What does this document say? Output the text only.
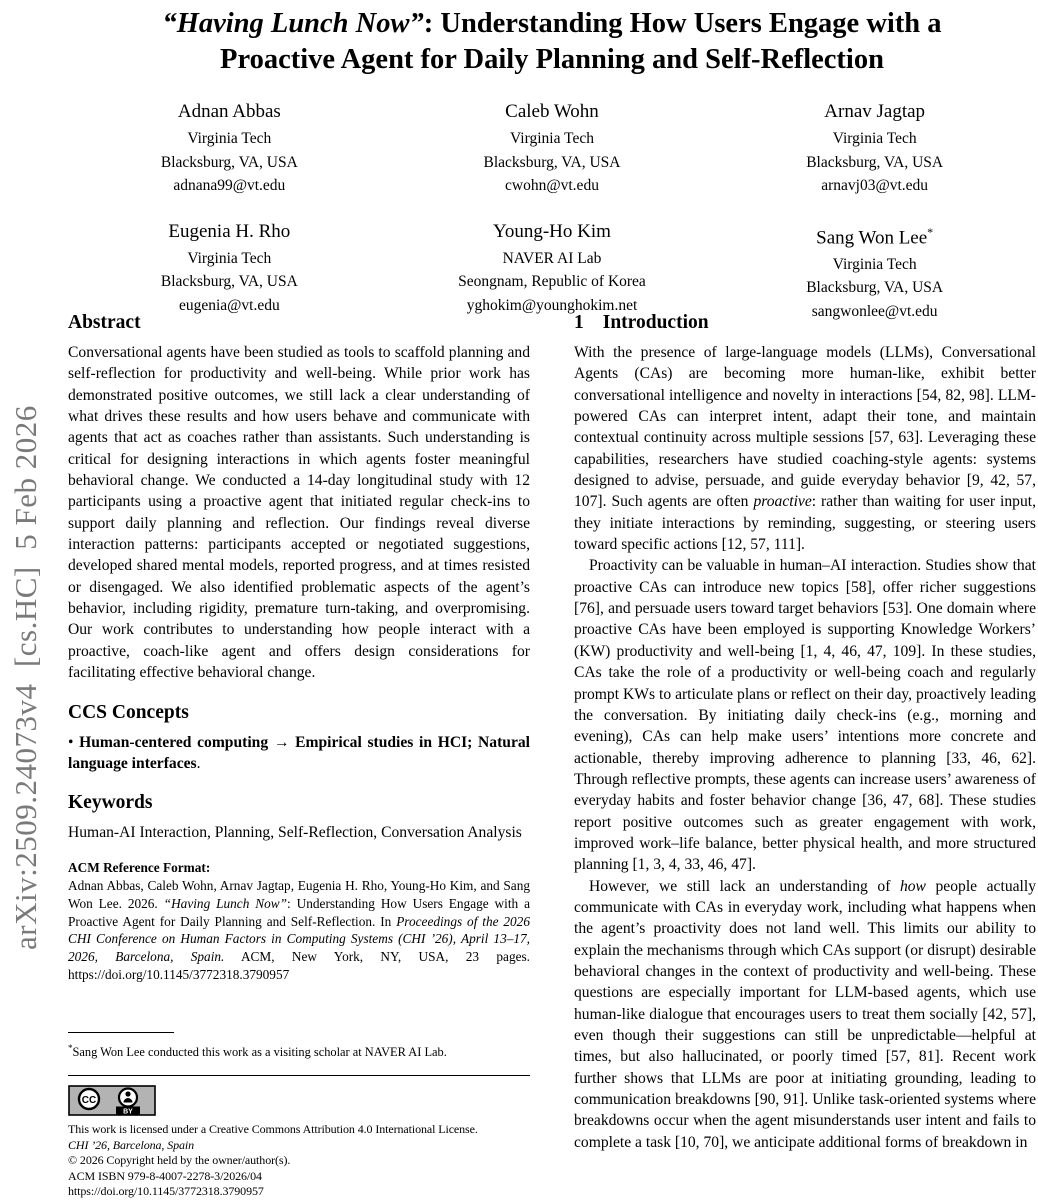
arXiv:2509.24073v4  [cs.HC]  5 Feb 2026
“Having Lunch Now”: Understanding How Users Engage with a
Proactive Agent for Daily Planning and Self-Reflection
Adnan Abbas
Virginia Tech
Blacksburg, VA, USA
adnana99@vt.edu
Caleb Wohn
Virginia Tech
Blacksburg, VA, USA
cwohn@vt.edu
Arnav Jagtap
Virginia Tech
Blacksburg, VA, USA
arnavj03@vt.edu
Eugenia H. Rho
Virginia Tech
Blacksburg, VA, USA
eugenia@vt.edu
Young-Ho Kim
NAVER AI Lab
Seongnam, Republic of Korea
yghokim@younghokim.net
Sang Won Lee*
Virginia Tech
Blacksburg, VA, USA
sangwonlee@vt.edu
Abstract

Conversational agents have been studied as tools to scaffold planning and self-reflection for productivity and well-being. While prior work has demonstrated positive outcomes, we still lack a clear understanding of what drives these results and how users behave and communicate with agents that act as coaches rather than assistants. Such understanding is critical for designing interactions in which agents foster meaningful behavioral change. We conducted a 14-day longitudinal study with 12 participants using a proactive agent that initiated regular check-ins to support daily planning and reflection. Our findings reveal diverse interaction patterns: participants accepted or negotiated suggestions, developed shared mental models, reported progress, and at times resisted or disengaged. We also identified problematic aspects of the agent’s behavior, including rigidity, premature turn-taking, and overpromising. Our work contributes to understanding how people interact with a proactive, coach-like agent and offers design considerations for facilitating effective behavioral change.

CCS Concepts

• Human-centered computing → Empirical studies in HCI; Natural language interfaces.

Keywords

Human-AI Interaction, Planning, Self-Reflection, Conversation Analysis

ACM Reference Format:

Adnan Abbas, Caleb Wohn, Arnav Jagtap, Eugenia H. Rho, Young-Ho Kim, and Sang Won Lee. 2026. “Having Lunch Now”: Understanding How Users Engage with a Proactive Agent for Daily Planning and Self-Reflection. In Proceedings of the 2026 CHI Conference on Human Factors in Computing Systems (CHI ’26), April 13–17, 2026, Barcelona, Spain. ACM, New York, NY, USA, 23 pages. https://doi.org/10.1145/3772318.3790957

*Sang Won Lee conducted this work as a visiting scholar at NAVER AI Lab.

CC
BY

This work is licensed under a Creative Commons Attribution 4.0 International License.

CHI ’26, Barcelona, Spain

© 2026 Copyright held by the owner/author(s).

ACM ISBN 979-8-4007-2278-3/2026/04

https://doi.org/10.1145/3772318.3790957

1 Introduction

With the presence of large-language models (LLMs), Conversational Agents (CAs) are becoming more human-like, exhibit better conversational intelligence and novelty in interactions [54, 82, 98]. LLM-powered CAs can interpret intent, adapt their tone, and maintain contextual continuity across multiple sessions [57, 63]. Leveraging these capabilities, researchers have studied coaching-style agents: systems designed to advise, persuade, and guide everyday behavior [9, 42, 57, 107]. Such agents are often proactive: rather than waiting for user input, they initiate interactions by reminding, suggesting, or steering users toward specific actions [12, 57, 111].

Proactivity can be valuable in human–AI interaction. Studies show that proactive CAs can introduce new topics [58], offer richer suggestions [76], and persuade users toward target behaviors [53]. One domain where proactive CAs have been employed is supporting Knowledge Workers’ (KW) productivity and well-being [1, 4, 46, 47, 109]. In these studies, CAs take the role of a productivity or well-being coach and regularly prompt KWs to articulate plans or reflect on their day, proactively leading the conversation. By initiating daily check-ins (e.g., morning and evening), CAs can help make users’ intentions more concrete and actionable, thereby improving adherence to planning [33, 46, 62]. Through reflective prompts, these agents can increase users’ awareness of everyday habits and foster behavior change [36, 47, 68]. These studies report positive outcomes such as greater engagement with work, improved work–life balance, better physical health, and more structured planning [1, 3, 4, 33, 46, 47].

However, we still lack an understanding of how people actually communicate with CAs in everyday work, including what happens when the agent’s proactivity does not land well. This limits our ability to explain the mechanisms through which CAs support (or disrupt) desirable behavioral changes in the context of productivity and well-being. These questions are especially important for LLM-based agents, which use human-like dialogue that encourages users to treat them socially [42, 57], even though their suggestions can still be unpredictable—helpful at times, but also hallucinated, or poorly timed [57, 81]. Recent work further shows that LLMs are poor at initiating grounding, leading to communication breakdowns [90, 91]. Unlike task-oriented systems where breakdowns occur when the agent misunderstands user intent and fails to complete a task [10, 70], we anticipate additional forms of breakdown in
